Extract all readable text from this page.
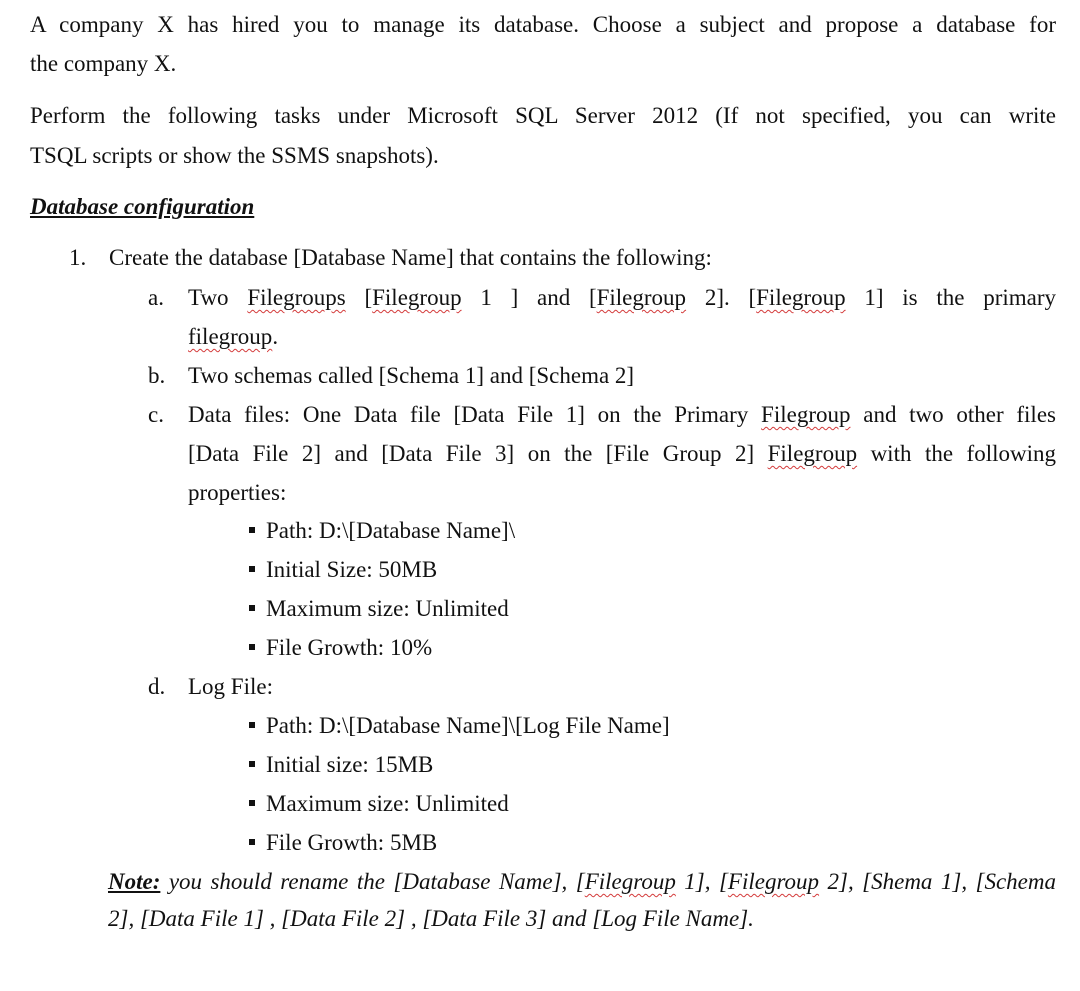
A company X has hired you to manage its database. Choose a subject and propose a database for

the company X.

Perform the following tasks under Microsoft SQL Server 2012 (If not specified, you can write

TSQL scripts or show the SSMS snapshots).

Database configuration

1. Create the database [Database Name] that contains the following:

a. Two Filegroups [Filegroup 1 ] and [Filegroup 2]. [Filegroup 1] is the primary

filegroup.

b. Two schemas called [Schema 1] and [Schema 2]

c. Data files: One Data file [Data File 1] on the Primary Filegroup and two other files

[Data File 2] and [Data File 3] on the [File Group 2] Filegroup with the following

properties:

Path: D:\[Database Name]\

Initial Size: 50MB

Maximum size: Unlimited

File Growth: 10%

d. Log File:

Path: D:\[Database Name]\[Log File Name]

Initial size: 15MB

Maximum size: Unlimited

File Growth: 5MB

Note: you should rename the [Database Name], [Filegroup 1], [Filegroup 2], [Shema 1], [Schema

2], [Data File 1] , [Data File 2] , [Data File 3] and [Log File Name].
